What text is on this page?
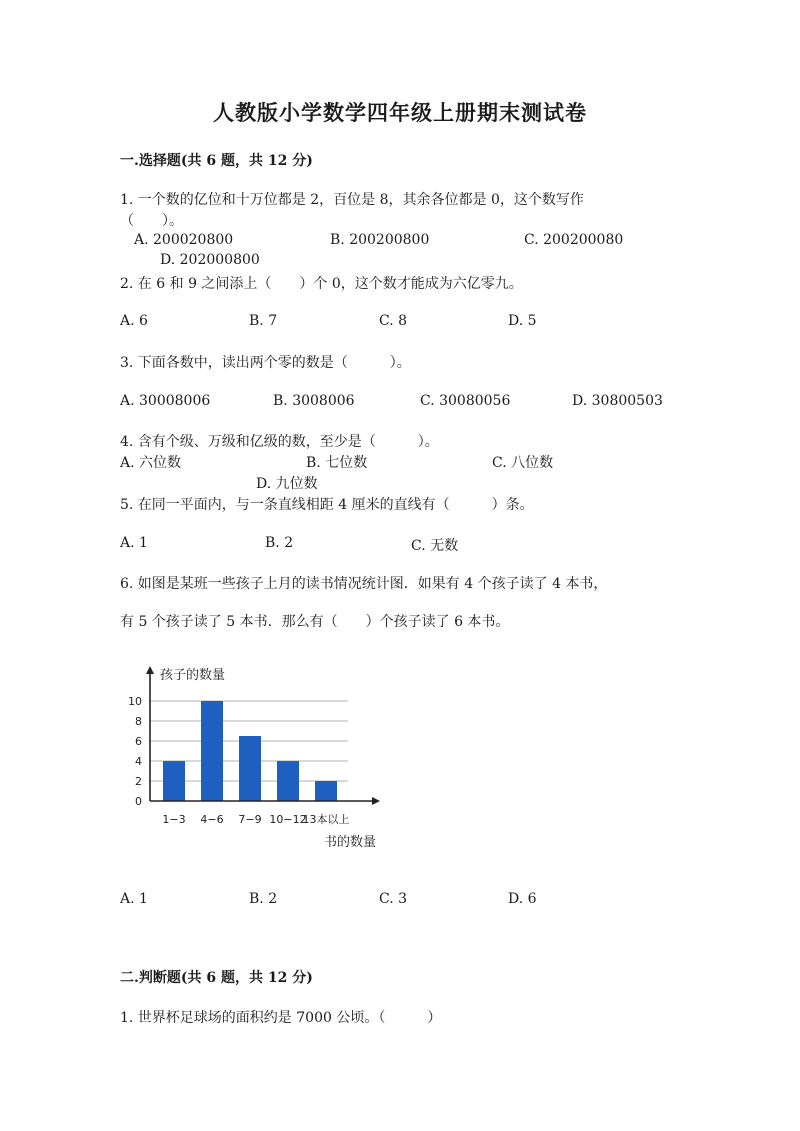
人教版小学数学四年级上册期末测试卷
一.选择题(共 6 题，共 12 分)
1. 一个数的亿位和十万位都是 2，百位是 8，其余各位都是 0，这个数写作
（　　）。
A. 200020800	B. 200200800	C. 200200080
D. 202000800
2. 在 6 和 9 之间添上（　　）个 0，这个数才能成为六亿零九。
A. 6	B. 7	C. 8	D. 5
3. 下面各数中，读出两个零的数是（　　　）。
A. 30008006	B. 3008006	C. 30080056	D. 30800503
4. 含有个级、万级和亿级的数，至少是（　　　）。
A. 六位数	B. 七位数	C. 八位数
D. 九位数
5. 在同一平面内，与一条直线相距 4 厘米的直线有（　　　）条。
A. 1	B. 2	C. 无数
6. 如图是某班一些孩子上月的读书情况统计图．如果有 4 个孩子读了 4 本书，
有 5 个孩子读了 5 本书．那么有（　　）个孩子读了 6 本书。
0
2
4
6
8
10
1−3 4−6 7−9 10−12
13本以上
孩子的数量
书的数量
A. 1	B. 2	C. 3	D. 6
二.判断题(共 6 题，共 12 分)
1. 世界杯足球场的面积约是 7000 公顷。（　　　）
